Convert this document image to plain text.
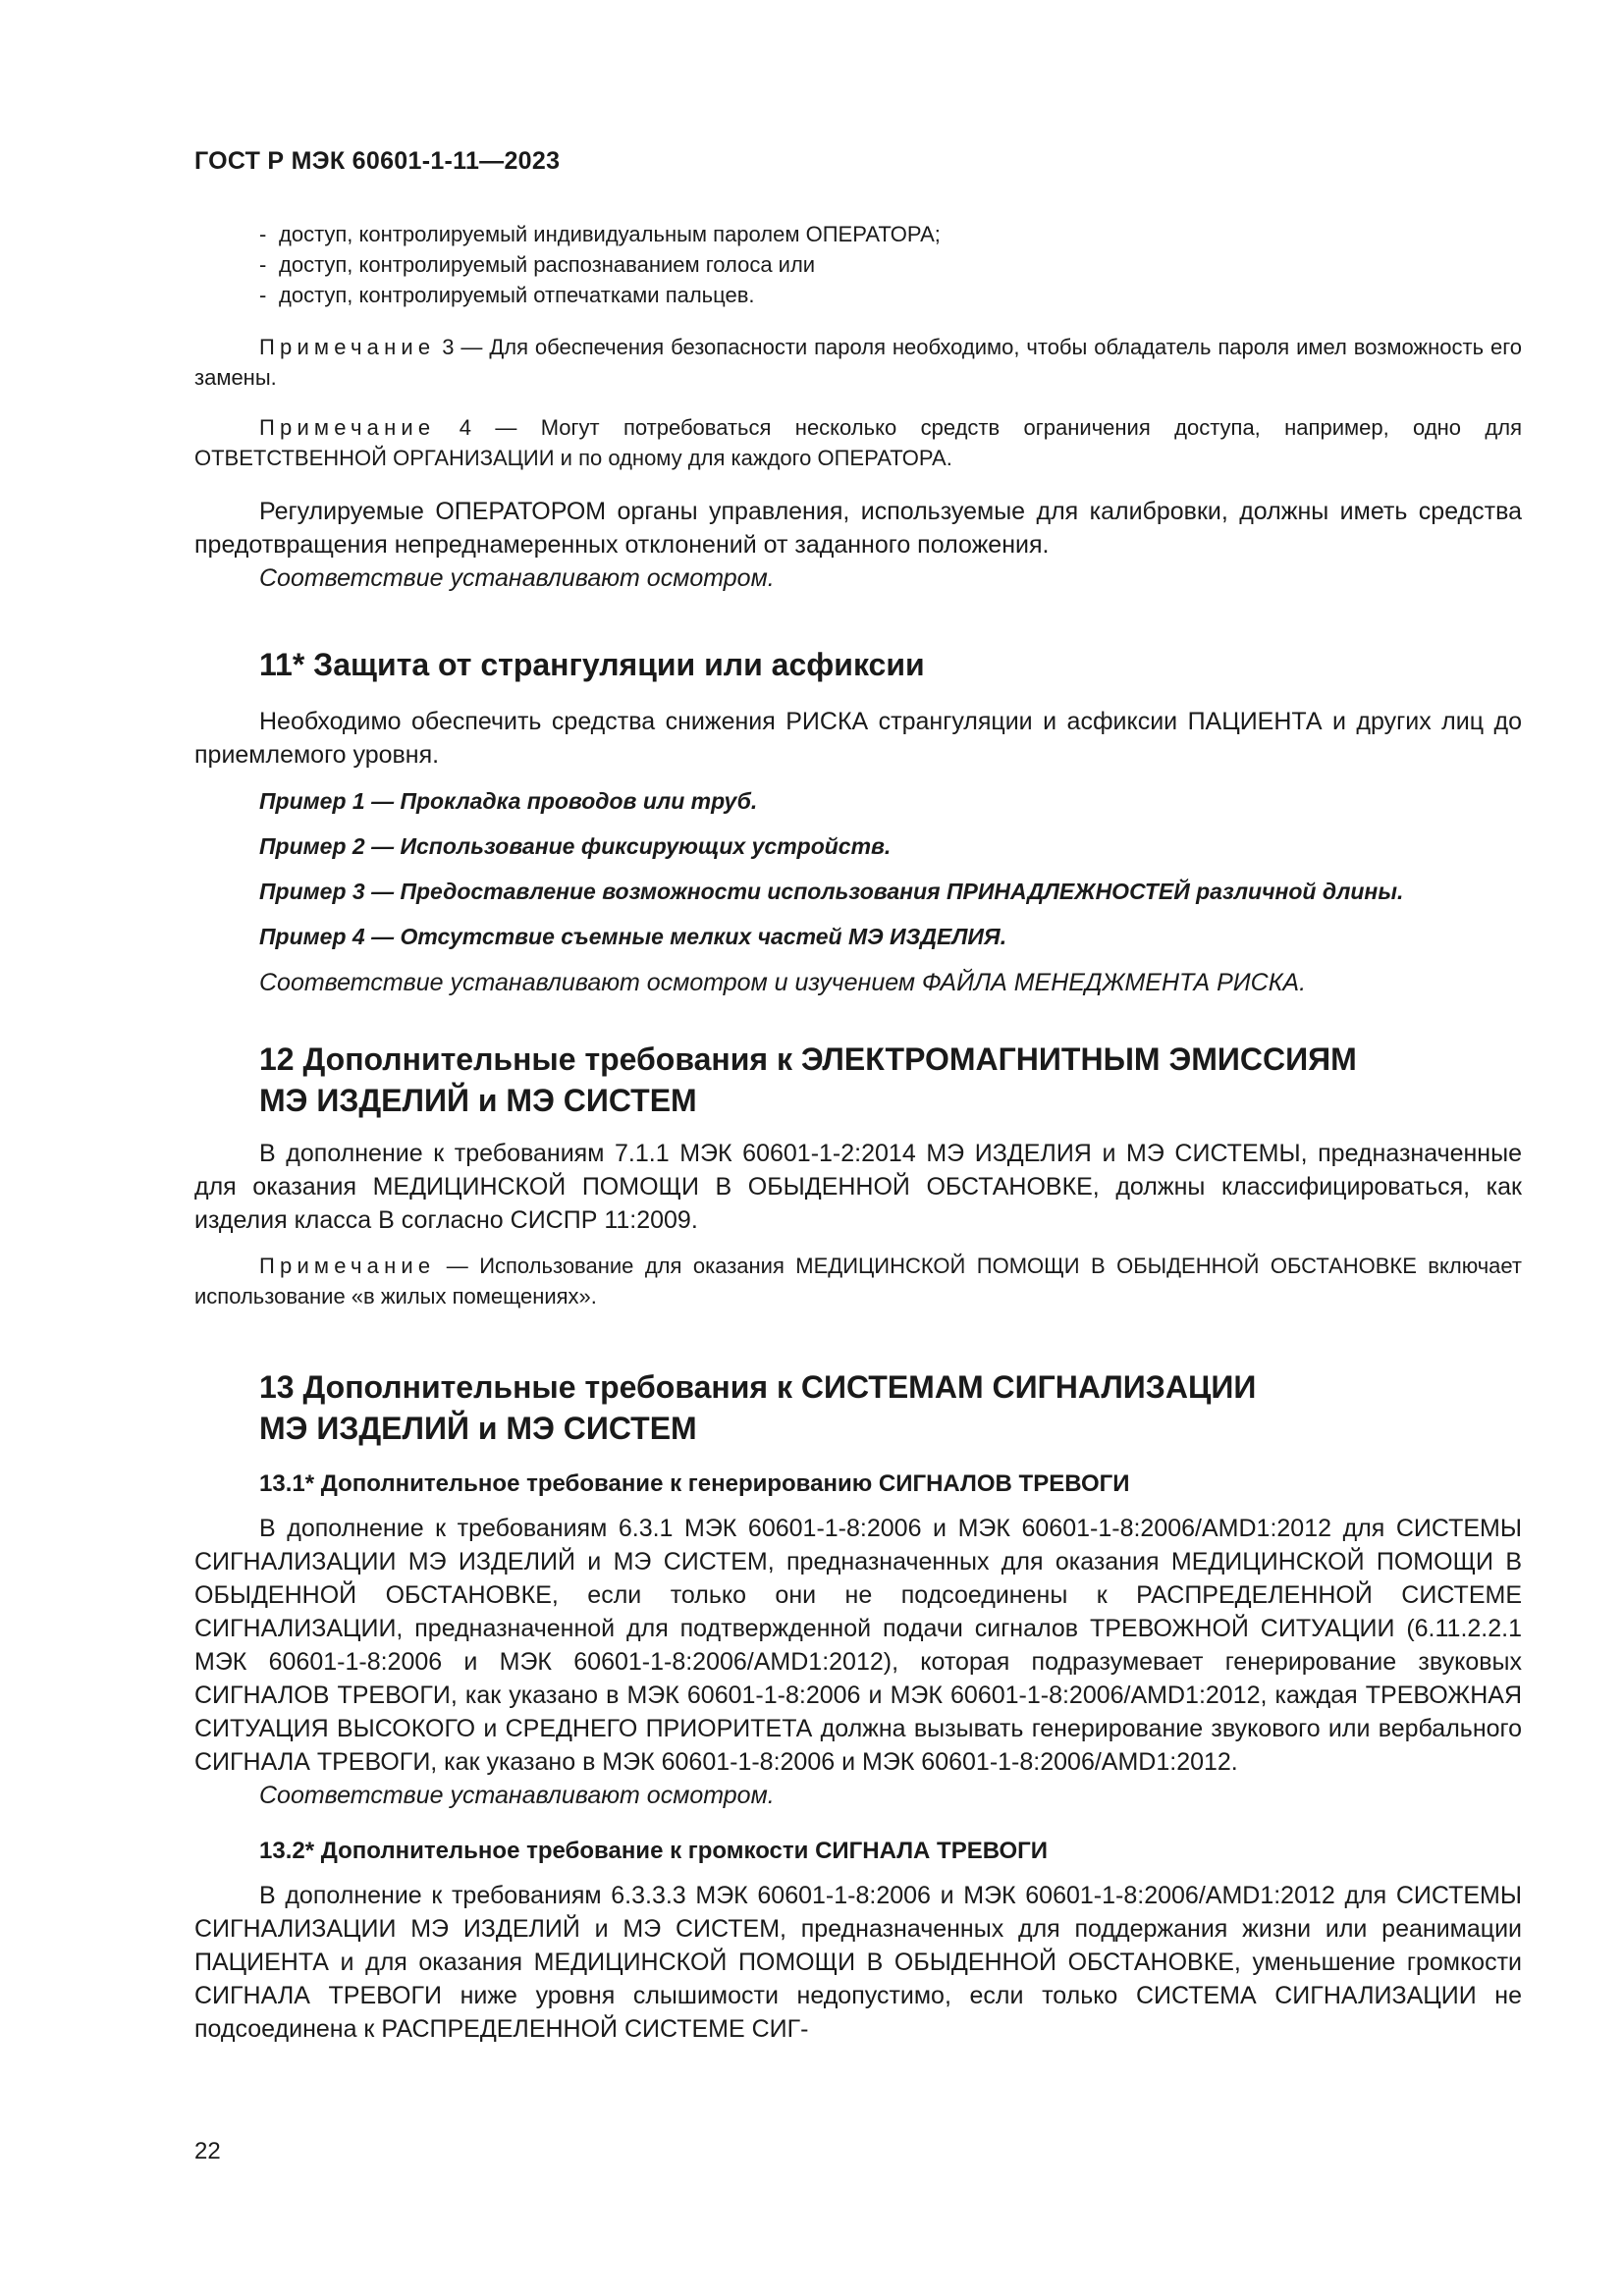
ГОСТ Р МЭК 60601-1-11—2023
- доступ, контролируемый индивидуальным паролем ОПЕРАТОРА;
- доступ, контролируемый распознаванием голоса или
- доступ, контролируемый отпечатками пальцев.

Примечание 3 — Для обеспечения безопасности пароля необходимо, чтобы обладатель пароля имел возможность его замены.

Примечание 4 — Могут потребоваться несколько средств ограничения доступа, например, одно для ОТВЕТСТВЕННОЙ ОРГАНИЗАЦИИ и по одному для каждого ОПЕРАТОРА.

Регулируемые ОПЕРАТОРОМ органы управления, используемые для калибровки, должны иметь средства предотвращения непреднамеренных отклонений от заданного положения.

Соответствие устанавливают осмотром.

11* Защита от странгуляции или асфиксии

Необходимо обеспечить средства снижения РИСКА странгуляции и асфиксии ПАЦИЕНТА и других лиц до приемлемого уровня.

Пример 1 — Прокладка проводов или труб.

Пример 2 — Использование фиксирующих устройств.

Пример 3 — Предоставление возможности использования ПРИНАДЛЕЖНОСТЕЙ различной длины.

Пример 4 — Отсутствие съемные мелких частей МЭ ИЗДЕЛИЯ.

Соответствие устанавливают осмотром и изучением ФАЙЛА МЕНЕДЖМЕНТА РИСКА.

12 Дополнительные требования к ЭЛЕКТРОМАГНИТНЫМ ЭМИССИЯМ
МЭ ИЗДЕЛИЙ и МЭ СИСТЕМ

В дополнение к требованиям 7.1.1 МЭК 60601-1-2:2014 МЭ ИЗДЕЛИЯ и МЭ СИСТЕМЫ, предназначенные для оказания МЕДИЦИНСКОЙ ПОМОЩИ В ОБЫДЕННОЙ ОБСТАНОВКЕ, должны классифицироваться, как изделия класса B согласно СИСПР 11:2009.

Примечание — Использование для оказания МЕДИЦИНСКОЙ ПОМОЩИ В ОБЫДЕННОЙ ОБСТАНОВКЕ включает использование «в жилых помещениях».

13 Дополнительные требования к СИСТЕМАМ СИГНАЛИЗАЦИИ
МЭ ИЗДЕЛИЙ и МЭ СИСТЕМ
13.1* Дополнительное требование к генерированию СИГНАЛОВ ТРЕВОГИ

В дополнение к требованиям 6.3.1 МЭК 60601-1-8:2006 и МЭК 60601-1-8:2006/AMD1:2012 для СИСТЕМЫ СИГНАЛИЗАЦИИ МЭ ИЗДЕЛИЙ и МЭ СИСТЕМ, предназначенных для оказания МЕДИЦИНСКОЙ ПОМОЩИ В ОБЫДЕННОЙ ОБСТАНОВКЕ, если только они не подсоединены к РАСПРЕДЕЛЕННОЙ СИСТЕМЕ СИГНАЛИЗАЦИИ, предназначенной для подтвержденной подачи сигналов ТРЕВОЖНОЙ СИТУАЦИИ (6.11.2.2.1 МЭК 60601-1-8:2006 и МЭК 60601-1-8:2006/AMD1:2012), которая подразумевает генерирование звуковых СИГНАЛОВ ТРЕВОГИ, как указано в МЭК 60601-1-8:2006 и МЭК 60601-1-8:2006/AMD1:2012, каждая ТРЕВОЖНАЯ СИТУАЦИЯ ВЫСОКОГО и СРЕДНЕГО ПРИОРИТЕТА должна вызывать генерирование звукового или вербального СИГНАЛА ТРЕВОГИ, как указано в МЭК 60601-1-8:2006 и МЭК 60601-1-8:2006/AMD1:2012.

Соответствие устанавливают осмотром.

13.2* Дополнительное требование к громкости СИГНАЛА ТРЕВОГИ

В дополнение к требованиям 6.3.3.3 МЭК 60601-1-8:2006 и МЭК 60601-1-8:2006/AMD1:2012 для СИСТЕМЫ СИГНАЛИЗАЦИИ МЭ ИЗДЕЛИЙ и МЭ СИСТЕМ, предназначенных для поддержания жизни или реанимации ПАЦИЕНТА и для оказания МЕДИЦИНСКОЙ ПОМОЩИ В ОБЫДЕННОЙ ОБСТАНОВКЕ, уменьшение громкости СИГНАЛА ТРЕВОГИ ниже уровня слышимости недопустимо, если только СИСТЕМА СИГНАЛИЗАЦИИ не подсоединена к РАСПРЕДЕЛЕННОЙ СИСТЕМЕ СИГ-

22
